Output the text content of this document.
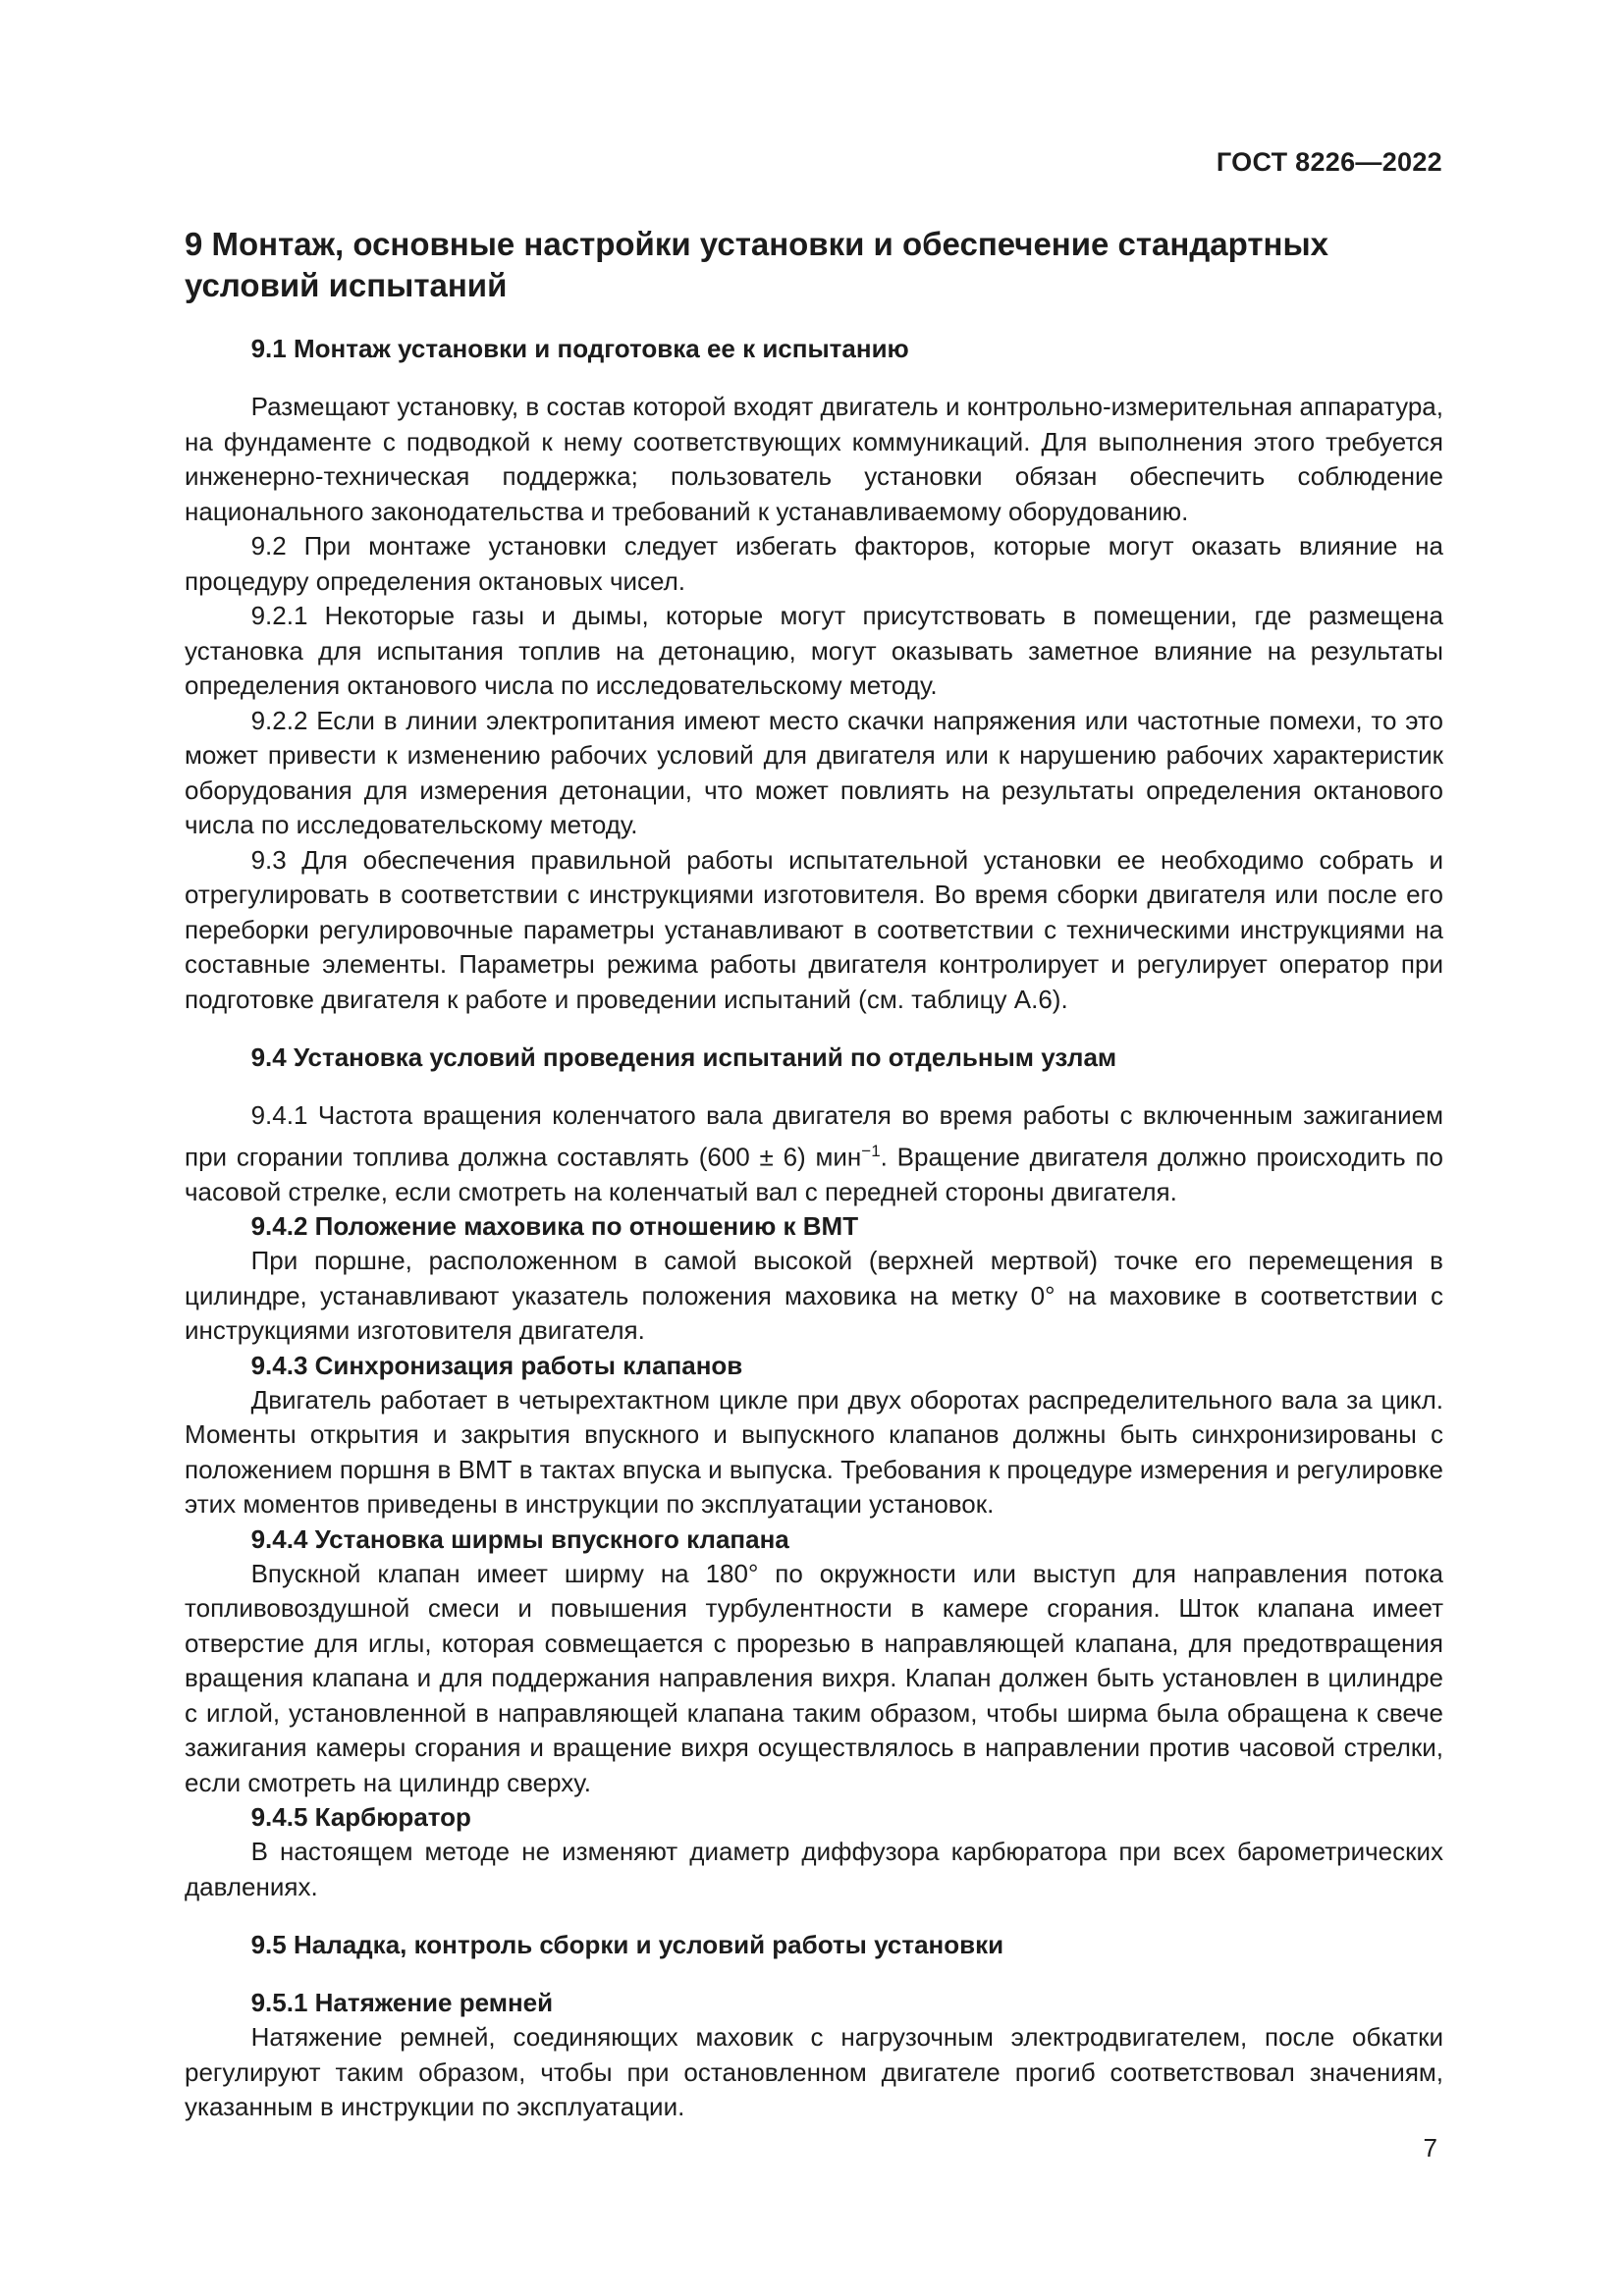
ГОСТ 8226—2022
9 Монтаж, основные настройки установки и обеспечение стандартных условий испытаний
9.1 Монтаж установки и подготовка ее к испытанию

Размещают установку, в состав которой входят двигатель и контрольно-измерительная аппаратура, на фундаменте с подводкой к нему соответствующих коммуникаций. Для выполнения этого требуется инженерно-техническая поддержка; пользователь установки обязан обеспечить соблюдение национального законодательства и требований к устанавливаемому оборудованию.

9.2 При монтаже установки следует избегать факторов, которые могут оказать влияние на процедуру определения октановых чисел.

9.2.1 Некоторые газы и дымы, которые могут присутствовать в помещении, где размещена установка для испытания топлив на детонацию, могут оказывать заметное влияние на результаты определения октанового числа по исследовательскому методу.

9.2.2 Если в линии электропитания имеют место скачки напряжения или частотные помехи, то это может привести к изменению рабочих условий для двигателя или к нарушению рабочих характеристик оборудования для измерения детонации, что может повлиять на результаты определения октанового числа по исследовательскому методу.

9.3 Для обеспечения правильной работы испытательной установки ее необходимо собрать и отрегулировать в соответствии с инструкциями изготовителя. Во время сборки двигателя или после его переборки регулировочные параметры устанавливают в соответствии с техническими инструкциями на составные элементы. Параметры режима работы двигателя контролирует и регулирует оператор при подготовке двигателя к работе и проведении испытаний (см. таблицу А.6).

9.4 Установка условий проведения испытаний по отдельным узлам

9.4.1 Частота вращения коленчатого вала двигателя во время работы с включенным зажиганием при сгорании топлива должна составлять (600 ± 6) мин$^{-1}$. Вращение двигателя должно происходить по часовой стрелке, если смотреть на коленчатый вал с передней стороны двигателя.

9.4.2 Положение маховика по отношению к ВМТ

При поршне, расположенном в самой высокой (верхней мертвой) точке его перемещения в цилиндре, устанавливают указатель положения маховика на метку 0° на маховике в соответствии с инструкциями изготовителя двигателя.

9.4.3 Синхронизация работы клапанов

Двигатель работает в четырехтактном цикле при двух оборотах распределительного вала за цикл. Моменты открытия и закрытия впускного и выпускного клапанов должны быть синхронизированы с положением поршня в ВМТ в тактах впуска и выпуска. Требования к процедуре измерения и регулировке этих моментов приведены в инструкции по эксплуатации установок.

9.4.4 Установка ширмы впускного клапана

Впускной клапан имеет ширму на 180° по окружности или выступ для направления потока топливовоздушной смеси и повышения турбулентности в камере сгорания. Шток клапана имеет отверстие для иглы, которая совмещается с прорезью в направляющей клапана, для предотвращения вращения клапана и для поддержания направления вихря. Клапан должен быть установлен в цилиндре с иглой, установленной в направляющей клапана таким образом, чтобы ширма была обращена к свече зажигания камеры сгорания и вращение вихря осуществлялось в направлении против часовой стрелки, если смотреть на цилиндр сверху.

9.4.5 Карбюратор

В настоящем методе не изменяют диаметр диффузора карбюратора при всех барометрических давлениях.

9.5 Наладка, контроль сборки и условий работы установки
9.5.1 Натяжение ремней

Натяжение ремней, соединяющих маховик с нагрузочным электродвигателем, после обкатки регулируют таким образом, чтобы при остановленном двигателе прогиб соответствовал значениям, указанным в инструкции по эксплуатации.

7
